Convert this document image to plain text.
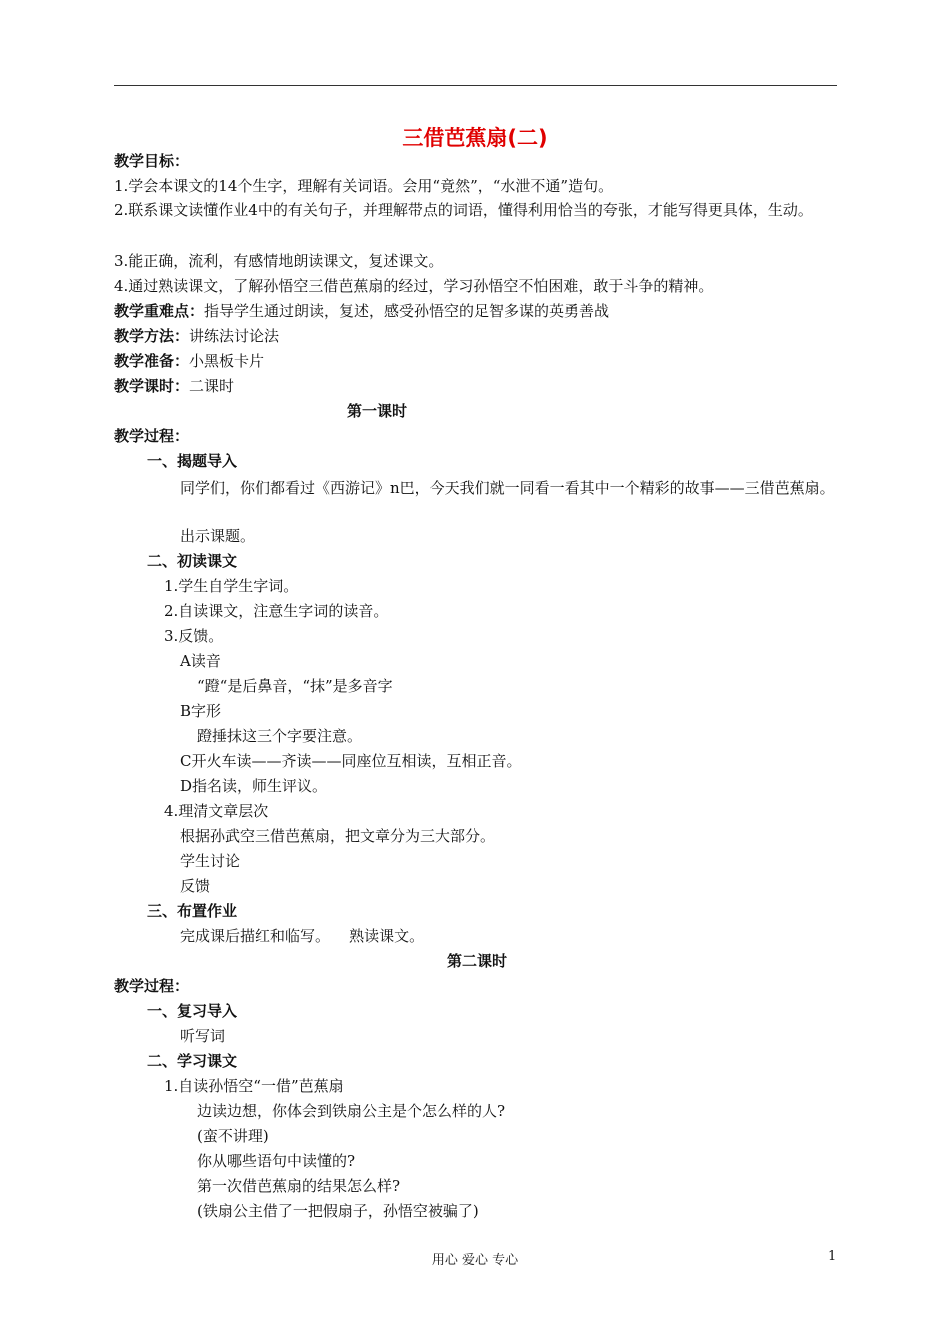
三借芭蕉扇(二)
教学目标：
1.学会本课文的14个生字，理解有关词语。会用“竟然”，“水泄不通”造句。
2.联系课文读懂作业4中的有关句子，并理解带点的词语，懂得利用恰当的夸张，才能写得更具体，生动。
3.能正确，流利，有感情地朗读课文，复述课文。
4.通过熟读课文，了解孙悟空三借芭蕉扇的经过，学习孙悟空不怕困难，敢于斗争的精神。
教学重难点：指导学生通过朗读，复述，感受孙悟空的足智多谋的英勇善战
教学方法：讲练法讨论法
教学准备：小黑板卡片
教学课时：二课时
第一课时
教学过程：
一、揭题导入
同学们，你们都看过《西游记》n巴，今天我们就一同看一看其中一个精彩的故事——三借芭蕉扇。
出示课题。
二、初读课文
1.学生自学生字词。
2.自读课文，注意生字词的读音。
3.反馈。
A读音
“蹬“是后鼻音，“抹”是多音字
B字形
蹬捶抹这三个字要注意。
C开火车读——齐读——同座位互相读，互相正音。
D指名读，师生评议。
4.理清文章层次
根据孙武空三借芭蕉扇，把文章分为三大部分。
学生讨论
反馈
三、布置作业
完成课后描红和临写。    熟读课文。
第二课时
教学过程：
一、复习导入
听写词
二、学习课文
1.自读孙悟空“一借”芭蕉扇
边读边想，你体会到铁扇公主是个怎么样的人?
(蛮不讲理)
你从哪些语句中读懂的?
第一次借芭蕉扇的结果怎么样?
(铁扇公主借了一把假扇子，孙悟空被骗了)
用心 爱心 专心	1
